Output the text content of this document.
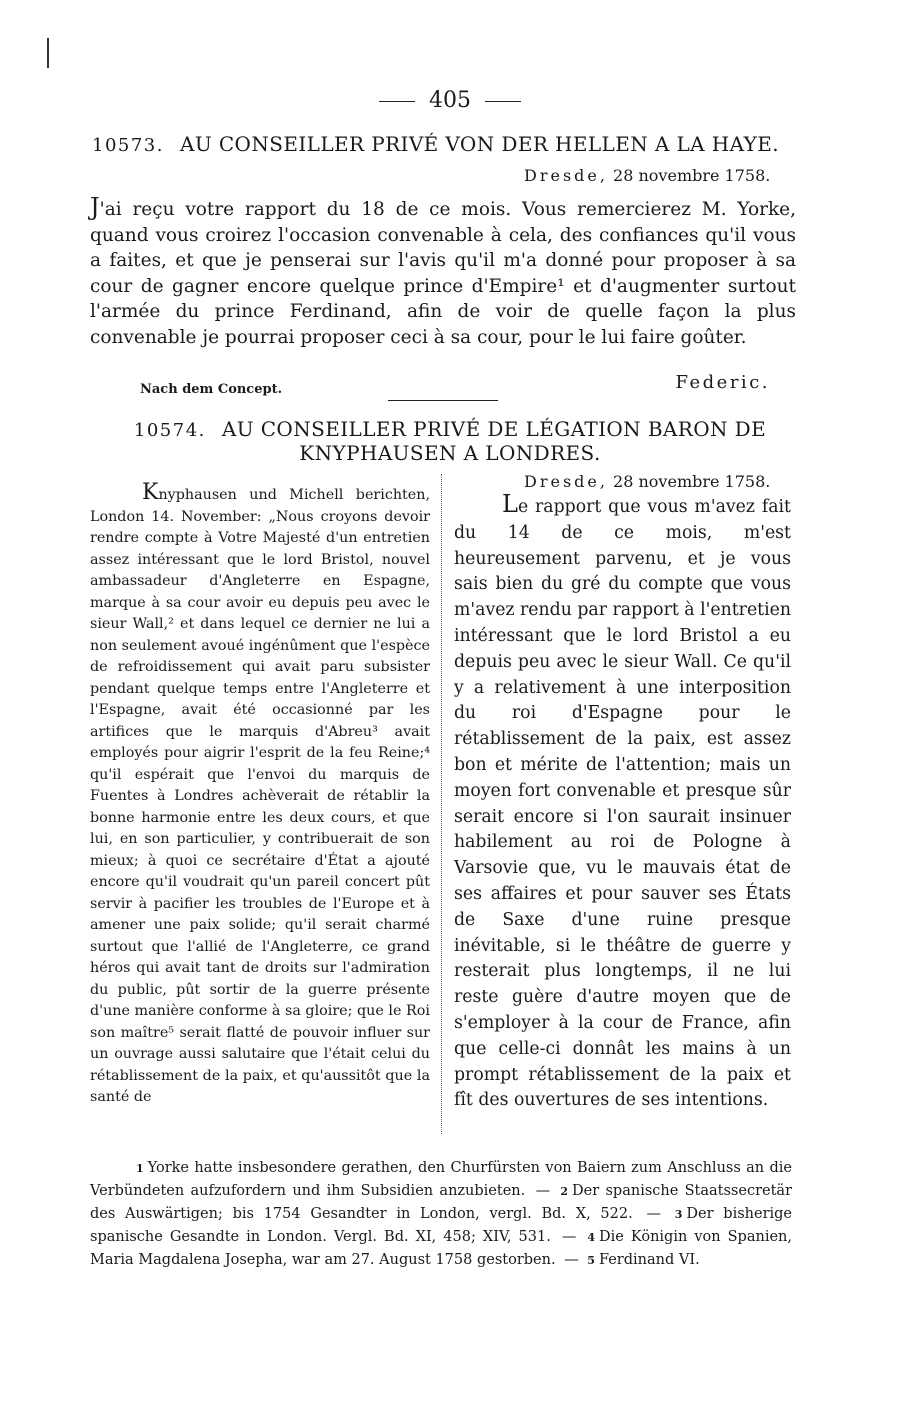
405
10573. AU CONSEILLER PRIVÉ VON DER HELLEN A LA HAYE.
Dresde, 28 novembre 1758.
J'ai reçu votre rapport du 18 de ce mois. Vous remercierez M. Yorke, quand vous croirez l'occasion convenable à cela, des confiances qu'il vous a faites, et que je penserai sur l'avis qu'il m'a donné pour proposer à sa cour de gagner encore quelque prince d'Empire¹ et d'augmenter surtout l'armée du prince Ferdinand, afin de voir de quelle façon la plus convenable je pourrai proposer ceci à sa cour, pour le lui faire goûter.
Nach dem Concept.	Federic.
10574. AU CONSEILLER PRIVÉ DE LÉGATION BARON DE
KNYPHAUSEN A LONDRES.
Dresde, 28 novembre 1758.
Knyphausen und Michell berichten, London 14. November: „Nous croyons devoir rendre compte à Votre Majesté d'un entretien assez intéressant que le lord Bristol, nouvel ambassadeur d'Angleterre en Espagne, marque à sa cour avoir eu depuis peu avec le sieur Wall,² et dans lequel ce dernier ne lui a non seulement avoué ingénûment que l'espèce de refroidissement qui avait paru subsister pendant quelque temps entre l'Angleterre et l'Espagne, avait été occasionné par les artifices que le marquis d'Abreu³ avait employés pour aigrir l'esprit de la feu Reine;⁴ qu'il espérait que l'envoi du marquis de Fuentes à Londres achèverait de rétablir la bonne harmonie entre les deux cours, et que lui, en son particulier, y contribuerait de son mieux; à quoi ce secrétaire d'État a ajouté encore qu'il voudrait qu'un pareil concert pût servir à pacifier les troubles de l'Europe et à amener une paix solide; qu'il serait charmé surtout que l'allié de l'Angleterre, ce grand héros qui avait tant de droits sur l'admiration du public, pût sortir de la guerre présente d'une manière conforme à sa gloire; que le Roi son maître⁵ serait flatté de pouvoir influer sur un ouvrage aussi salutaire que l'était celui du rétablissement de la paix, et qu'aussitôt que la santé de
Le rapport que vous m'avez fait du 14 de ce mois, m'est heureusement parvenu, et je vous sais bien du gré du compte que vous m'avez rendu par rapport à l'entretien intéressant que le lord Bristol a eu depuis peu avec le sieur Wall. Ce qu'il y a relativement à une interposition du roi d'Espagne pour le rétablissement de la paix, est assez bon et mérite de l'attention; mais un moyen fort convenable et presque sûr serait encore si l'on saurait insinuer habilement au roi de Pologne à Varsovie que, vu le mauvais état de ses affaires et pour sauver ses États de Saxe d'une ruine presque inévitable, si le théâtre de guerre y resterait plus longtemps, il ne lui reste guère d'autre moyen que de s'employer à la cour de France, afin que celle-ci donnât les mains à un prompt rétablissement de la paix et fît des ouvertures de ses intentions.
1 Yorke hatte insbesondere gerathen, den Churfürsten von Baiern zum Anschluss an die Verbündeten aufzufordern und ihm Subsidien anzubieten. — 2 Der spanische Staatssecretär des Auswärtigen; bis 1754 Gesandter in London, vergl. Bd. X, 522. — 3 Der bisherige spanische Gesandte in London. Vergl. Bd. XI, 458; XIV, 531. — 4 Die Königin von Spanien, Maria Magdalena Josepha, war am 27. August 1758 gestorben. — 5 Ferdinand VI.
